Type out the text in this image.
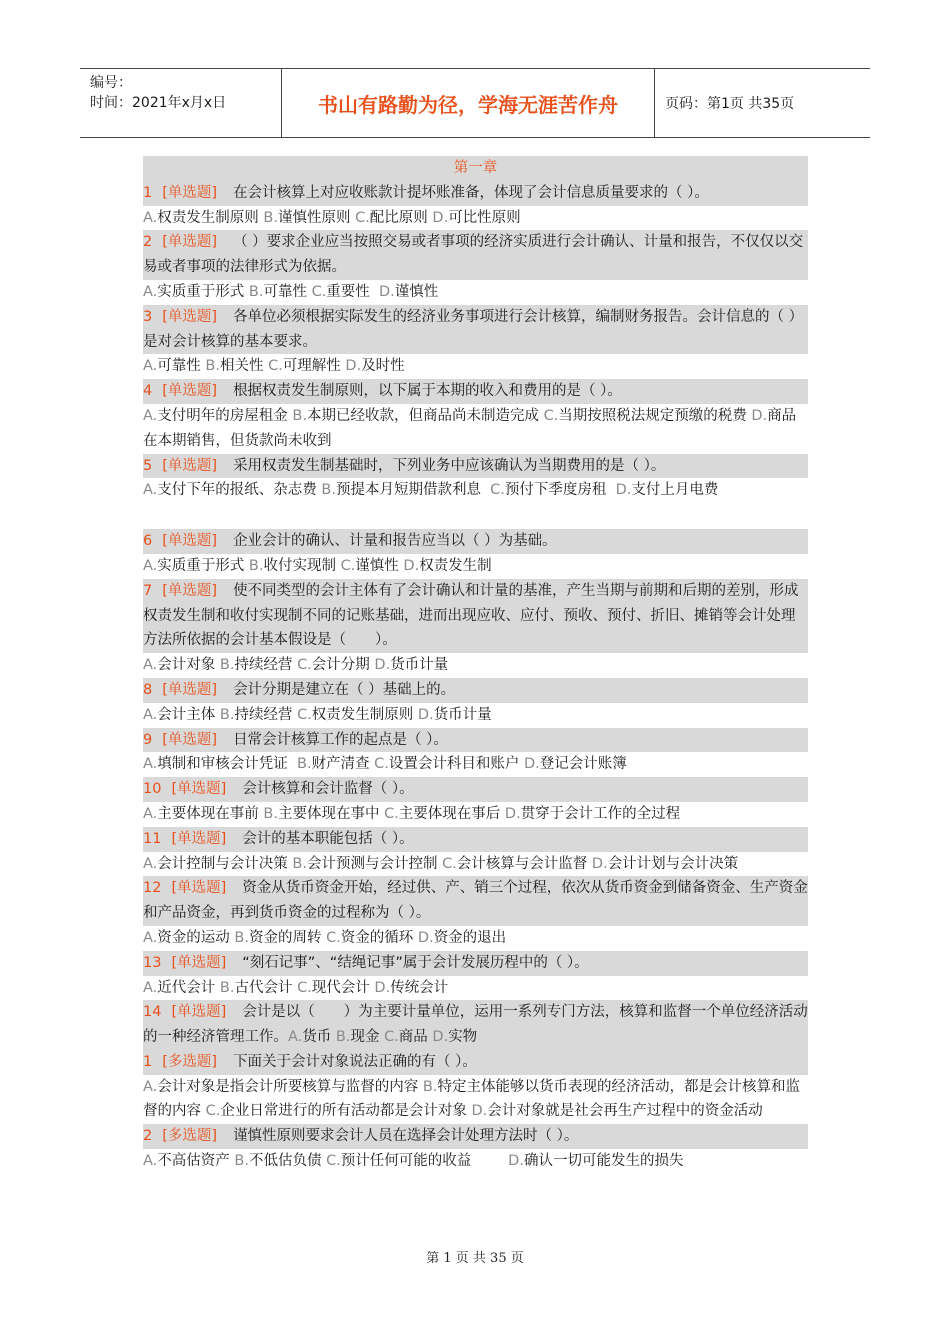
编号：
时间：2021年x月x日	书山有路勤为径，学海无涯苦作舟	页码：第1页 共35页
第一章
1 [单选题] 在会计核算上对应收账款计提坏账准备，体现了会计信息质量要求的（ ）。
A.权责发生制原则 B.谨慎性原则 C.配比原则 D.可比性原则
2 [单选题] （ ）要求企业应当按照交易或者事项的经济实质进行会计确认、计量和报告，不仅仅以交易或者事项的法律形式为依据。
A.实质重于形式 B.可靠性 C.重要性  D.谨慎性
3 [单选题] 各单位必须根据实际发生的经济业务事项进行会计核算，编制财务报告。会计信息的（ ）是对会计核算的基本要求。
A.可靠性 B.相关性 C.可理解性 D.及时性
4 [单选题] 根据权责发生制原则，以下属于本期的收入和费用的是（ ）。
A.支付明年的房屋租金 B.本期已经收款，但商品尚未制造完成 C.当期按照税法规定预缴的税费 D.商品在本期销售，但货款尚未收到
5 [单选题] 采用权责发生制基础时，下列业务中应该确认为当期费用的是（ ）。
A.支付下年的报纸、杂志费 B.预提本月短期借款利息  C.预付下季度房租  D.支付上月电费
6 [单选题] 企业会计的确认、计量和报告应当以（ ）为基础。
A.实质重于形式 B.收付实现制 C.谨慎性 D.权责发生制
7 [单选题] 使不同类型的会计主体有了会计确认和计量的基准，产生当期与前期和后期的差别，形成权责发生制和收付实现制不同的记账基础，进而出现应收、应付、预收、预付、折旧、摊销等会计处理方法所依据的会计基本假设是（　　）。
A.会计对象 B.持续经营 C.会计分期 D.货币计量
8 [单选题] 会计分期是建立在（ ）基础上的。
A.会计主体 B.持续经营 C.权责发生制原则 D.货币计量
9 [单选题] 日常会计核算工作的起点是（ ）。
A.填制和审核会计凭证  B.财产清查 C.设置会计科目和账户 D.登记会计账簿
10 [单选题] 会计核算和会计监督（ ）。
A.主要体现在事前 B.主要体现在事中 C.主要体现在事后 D.贯穿于会计工作的全过程
11 [单选题] 会计的基本职能包括（ ）。
A.会计控制与会计决策 B.会计预测与会计控制 C.会计核算与会计监督 D.会计计划与会计决策
12 [单选题] 资金从货币资金开始，经过供、产、销三个过程，依次从货币资金到储备资金、生产资金和产品资金，再到货币资金的过程称为（ ）。
A.资金的运动 B.资金的周转 C.资金的循环 D.资金的退出
13 [单选题] “刻石记事”、“结绳记事”属于会计发展历程中的（ ）。
A.近代会计 B.古代会计 C.现代会计 D.传统会计
14 [单选题] 会计是以（　　）为主要计量单位，运用一系列专门方法，核算和监督一个单位经济活动的一种经济管理工作。A.货币 B.现金 C.商品 D.实物
1 [多选题] 下面关于会计对象说法正确的有（ ）。
A.会计对象是指会计所要核算与监督的内容 B.特定主体能够以货币表现的经济活动，都是会计核算和监督的内容 C.企业日常进行的所有活动都是会计对象 D.会计对象就是社会再生产过程中的资金活动
2 [多选题] 谨慎性原则要求会计人员在选择会计处理方法时（ ）。
A.不高估资产 B.不低估负债 C.预计任何可能的收益        D.确认一切可能发生的损失
第 1 页 共 35 页
